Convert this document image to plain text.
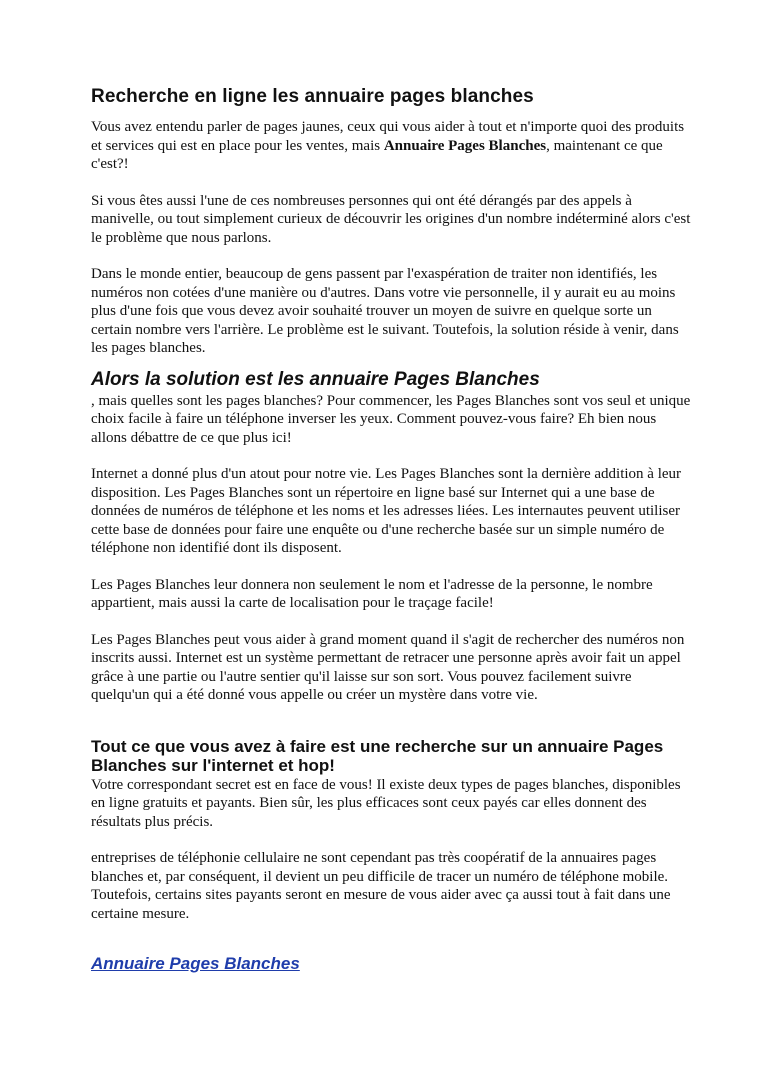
Recherche en ligne les annuaire pages blanches

Vous avez entendu parler de pages jaunes, ceux qui vous aider à tout et n'importe quoi des produits et services qui est en place pour les ventes, mais Annuaire Pages Blanches, maintenant ce que c'est?!

Si vous êtes aussi l'une de ces nombreuses personnes qui ont été dérangés par des appels à manivelle, ou tout simplement curieux de découvrir les origines d'un nombre indéterminé alors c'est le problème que nous parlons.

Dans le monde entier, beaucoup de gens passent par l'exaspération de traiter non identifiés, les numéros non cotées d'une manière ou d'autres. Dans votre vie personnelle, il y aurait eu au moins plus d'une fois que vous devez avoir souhaité trouver un moyen de suivre en quelque sorte un certain nombre vers l'arrière. Le problème est le suivant. Toutefois, la solution réside à venir, dans les pages blanches.

Alors la solution est les annuaire Pages Blanches

, mais quelles sont les pages blanches? Pour commencer, les Pages Blanches sont vos seul et unique choix facile à faire un téléphone inverser les yeux. Comment pouvez-vous faire? Eh bien nous allons débattre de ce que plus ici!

Internet a donné plus d'un atout pour notre vie. Les Pages Blanches sont la dernière addition à leur disposition. Les Pages Blanches sont un répertoire en ligne basé sur Internet qui a une base de données de numéros de téléphone et les noms et les adresses liées. Les internautes peuvent utiliser cette base de données pour faire une enquête ou d'une recherche basée sur un simple numéro de téléphone non identifié dont ils disposent.

Les Pages Blanches leur donnera non seulement le nom et l'adresse de la personne, le nombre appartient, mais aussi la carte de localisation pour le traçage facile!

Les Pages Blanches peut vous aider à grand moment quand il s'agit de rechercher des numéros non inscrits aussi. Internet est un système permettant de retracer une personne après avoir fait un appel grâce à une partie ou l'autre sentier qu'il laisse sur son sort. Vous pouvez facilement suivre quelqu'un qui a été donné vous appelle ou créer un mystère dans votre vie.

Tout ce que vous avez à faire est une recherche sur un annuaire Pages Blanches sur l'internet et hop!

Votre correspondant secret est en face de vous! Il existe deux types de pages blanches, disponibles en ligne gratuits et payants. Bien sûr, les plus efficaces sont ceux payés car elles donnent des résultats plus précis.

entreprises de téléphonie cellulaire ne sont cependant pas très coopératif de la annuaires pages blanches et, par conséquent, il devient un peu difficile de tracer un numéro de téléphone mobile. Toutefois, certains sites payants seront en mesure de vous aider avec ça aussi tout à fait dans une certaine mesure.

Annuaire Pages Blanches
